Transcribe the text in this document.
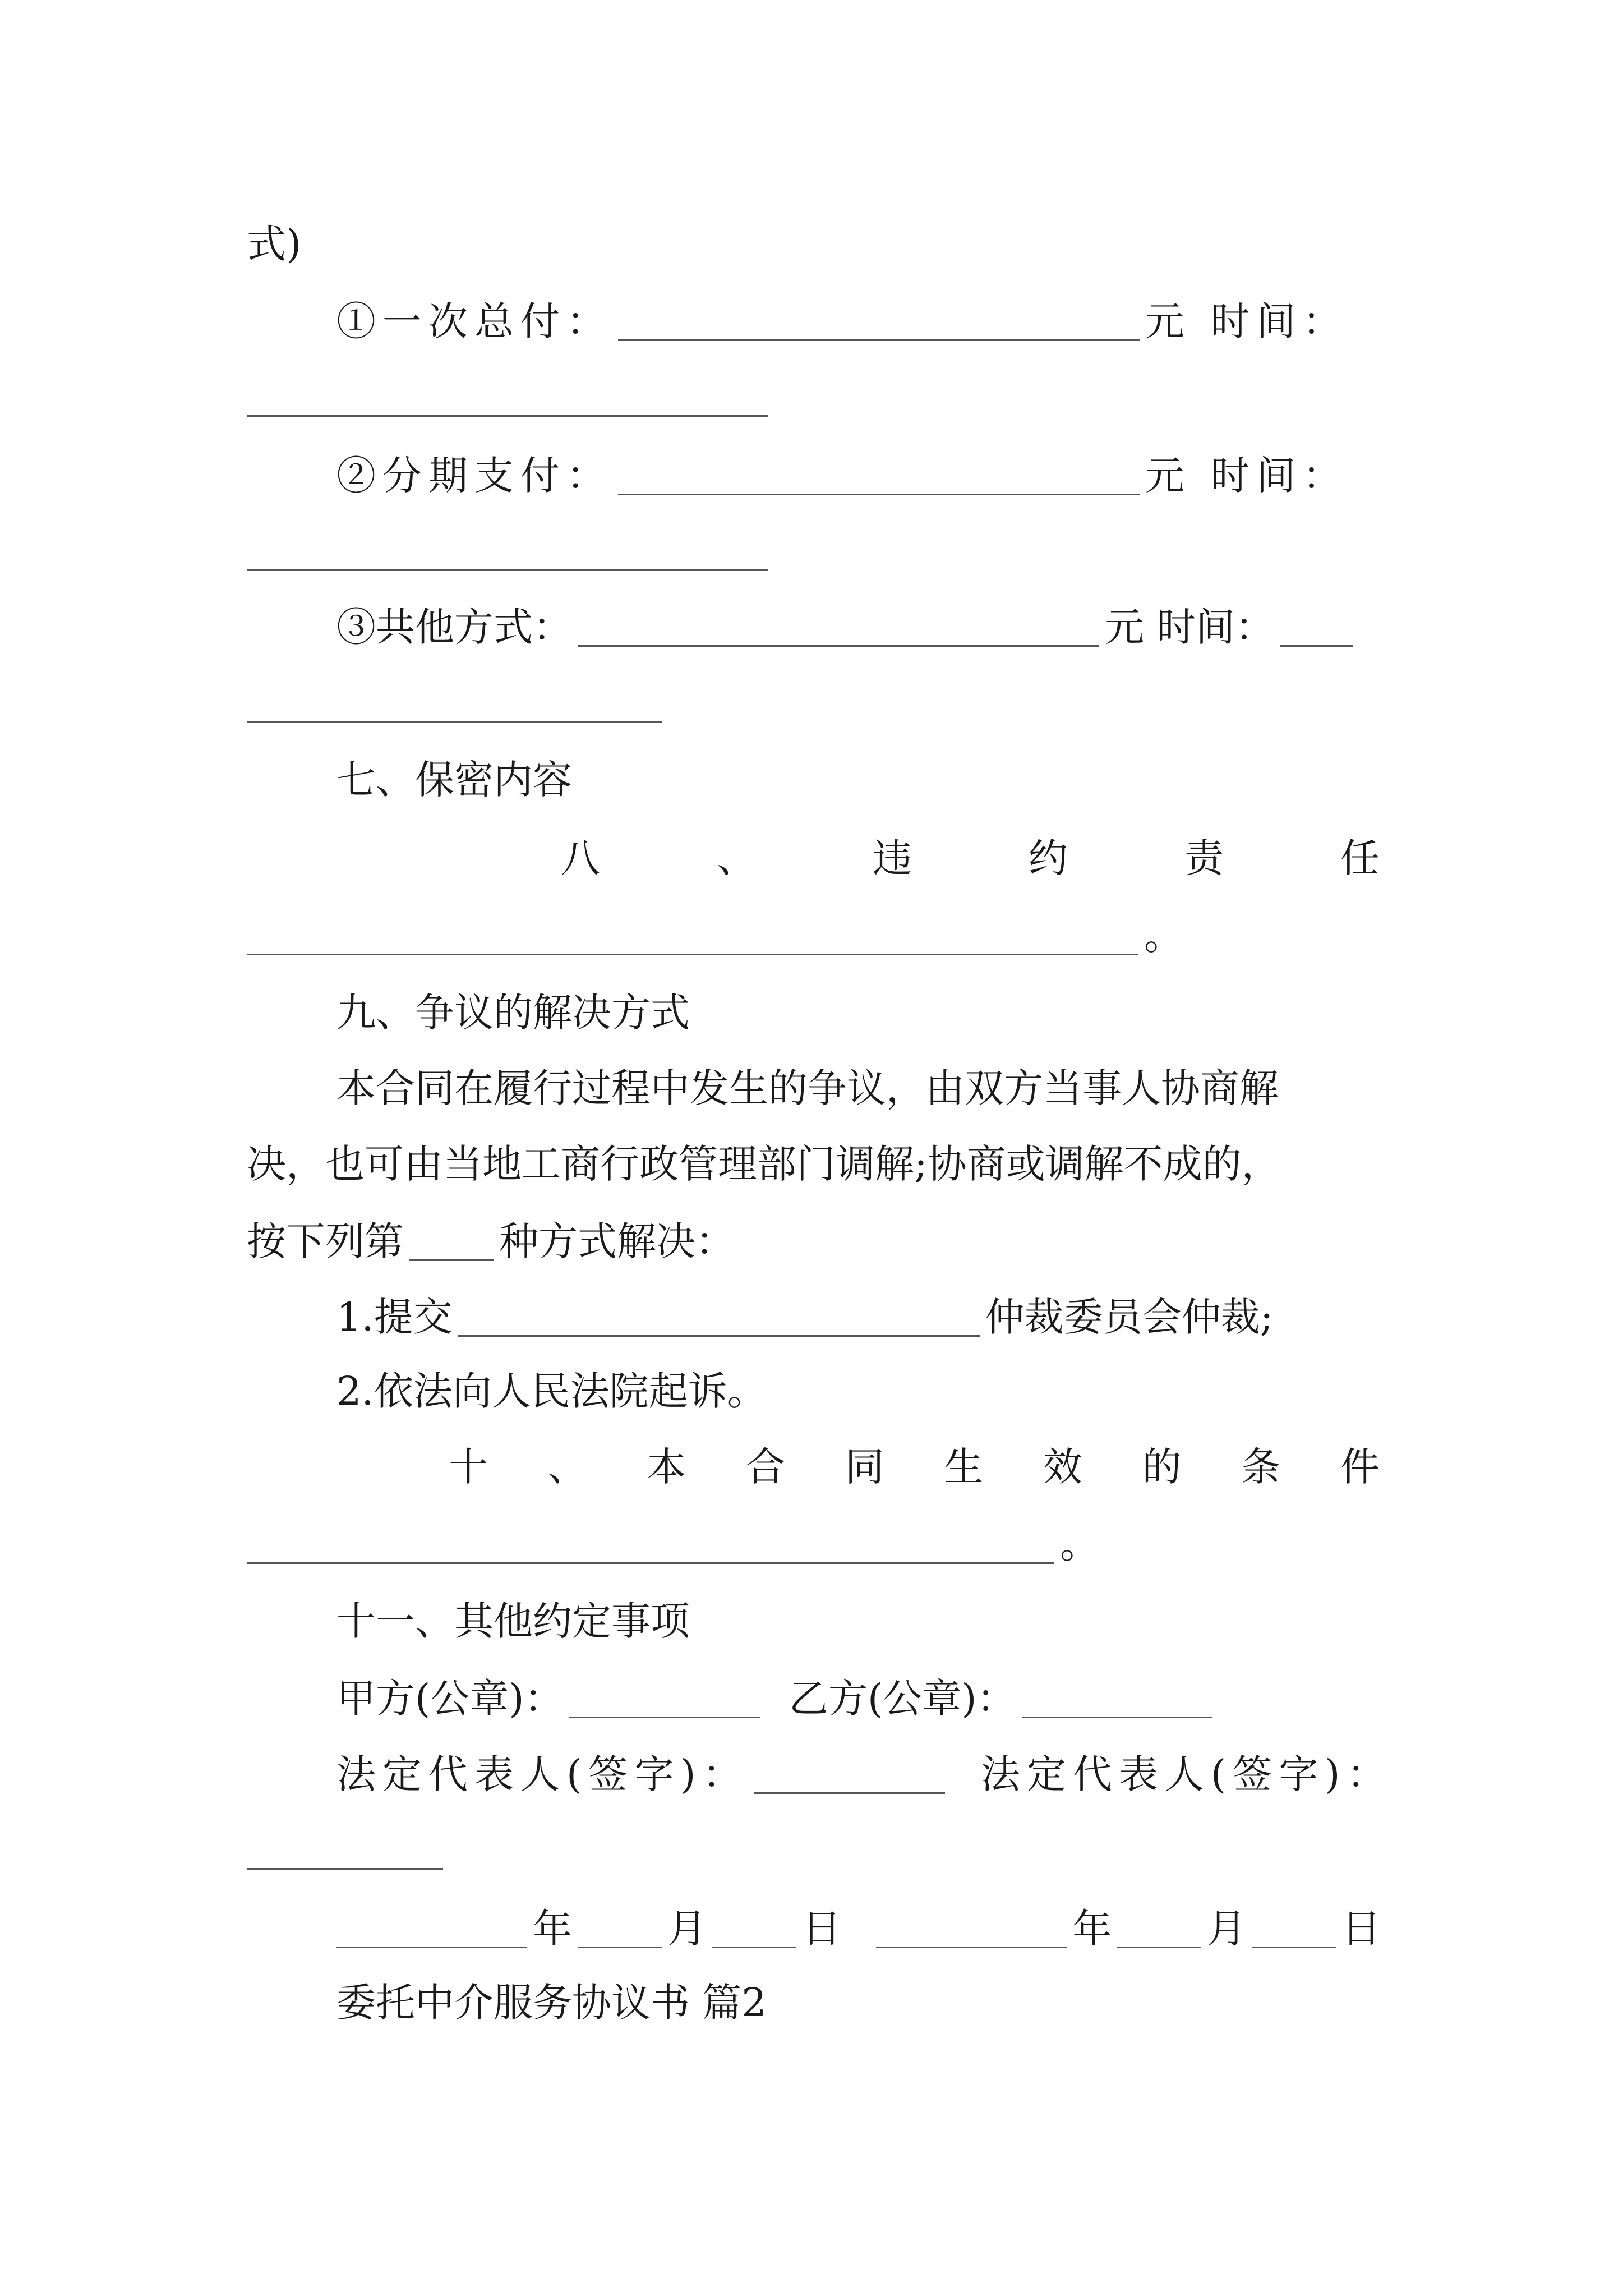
式)
①一次总付：	元 时间：
②分期支付：	元 时间：
③共他方式：	元 时间：
七、保密内容
八	、	违	约	责	任
。
九、争议的解决方式
本合同在履行过程中发生的争议，由双方当事人协商解
决，也可由当地工商行政管理部门调解;协商或调解不成的，
按下列第 种方式解决：
1.提交	仲裁委员会仲裁;
2.依法向人民法院起诉。
十 、 本 合 同 生 效 的 条 件
。
十一、其他约定事项
甲方(公章)：	乙方(公章)：
法定代表人(签字)：	法定代表人(签字)：
年 月 日	年 月 日
委托中介服务协议书 篇2
